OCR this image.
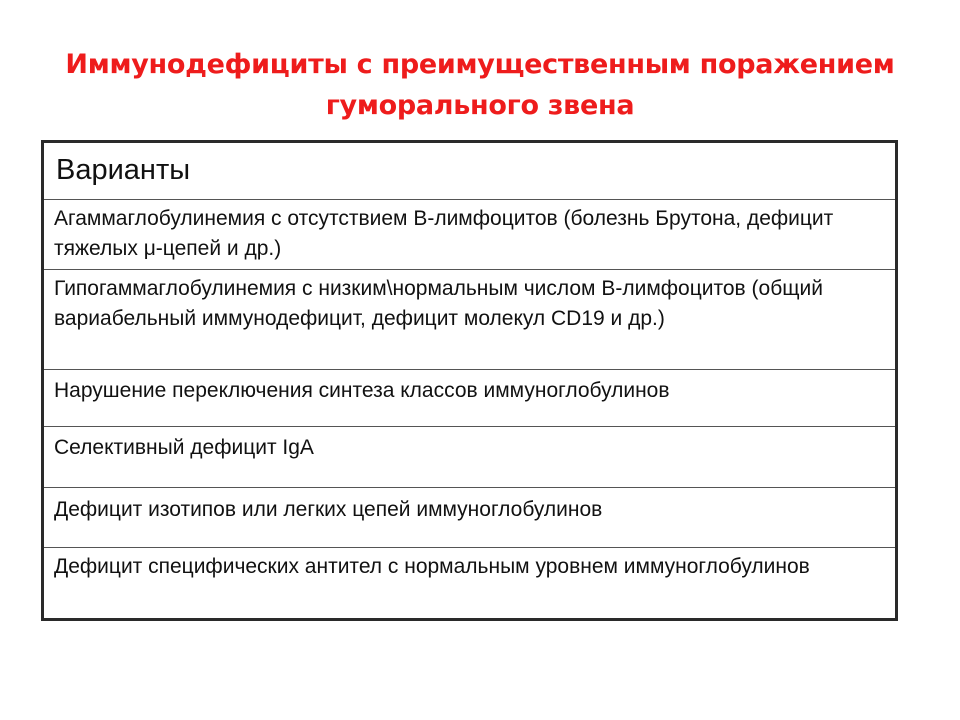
Иммунодефициты с преимущественным поражением
гуморального звена
Варианты
Агаммаглобулинемия с отсутствием В-лимфоцитов (болезнь Брутона, дефицит тяжелых μ-цепей и др.)
Гипогаммаглобулинемия с низким\нормальным числом В-лимфоцитов (общий вариабельный иммунодефицит, дефицит молекул CD19 и др.)
Нарушение переключения синтеза классов иммуноглобулинов
Селективный дефицит IgA
Дефицит изотипов или легких цепей иммуноглобулинов
Дефицит специфических антител с нормальным уровнем иммуноглобулинов
